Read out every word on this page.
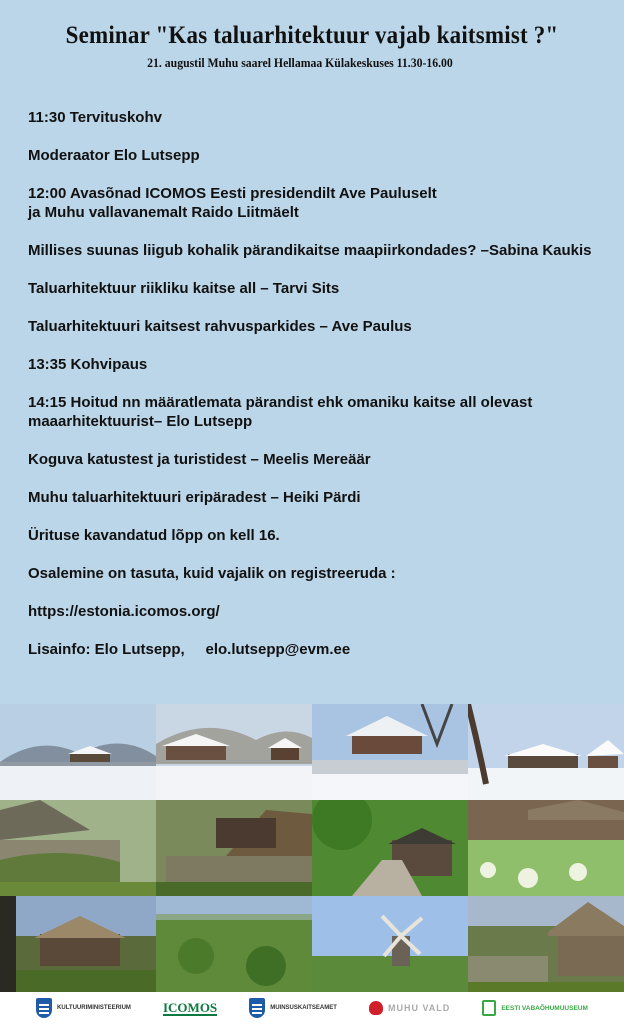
Seminar "Kas taluarhitektuur vajab kaitsmist ?"
21. augustil Muhu saarel Hellamaa Külakeskuses 11.30-16.00

11:30 Tervituskohv

Moderaator Elo Lutsepp

12:00 Avasõnad ICOMOS Eesti presidendilt Ave Pauluselt
ja Muhu vallavanemalt Raido Liitmäelt

Millises suunas liigub kohalik pärandikaitse maapiirkondades? –Sabina Kaukis

Taluarhitektuur riikliku kaitse all – Tarvi Sits

Taluarhitektuuri kaitsest rahvusparkides – Ave Paulus

13:35 Kohvipaus

14:15 Hoitud nn määratlemata pärandist ehk omaniku kaitse all olevast maaarhitektuurist– Elo Lutsepp

Koguva katustest ja turistidest – Meelis Mereäär

Muhu taluarhitektuuri eripäradest – Heiki Pärdi

Ürituse kavandatud lõpp on kell 16.

Osalemine on tasuta, kuid vajalik on registreeruda :

https://estonia.icomos.org/

Lisainfo: Elo Lutsepp,     elo.lutsepp@evm.ee

KULTUURIMINISTEERIUM ICOMOS	MUINSUSKAITSEAMET	MUHU VALD	EESTI VABAÕHUMUUSEUM
